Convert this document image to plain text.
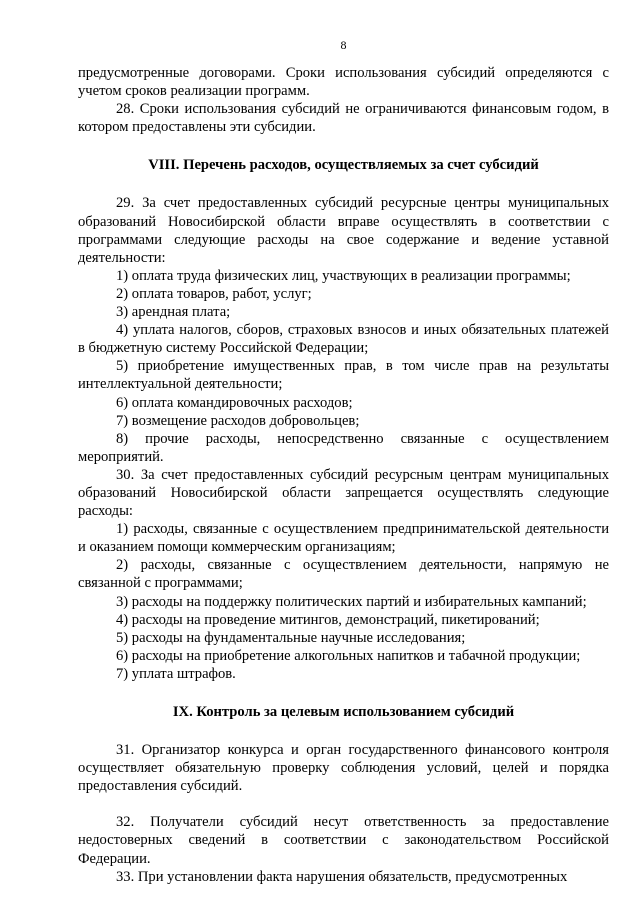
8

предусмотренные договорами. Сроки использования субсидий определяются с учетом сроков реализации программ.

28. Сроки использования субсидий не ограничиваются финансовым годом, в котором предоставлены эти субсидии.

VIII. Перечень расходов, осуществляемых за счет субсидий

29. За счет предоставленных субсидий ресурсные центры муниципальных образований Новосибирской области вправе осуществлять в соответствии с программами следующие расходы на свое содержание и ведение уставной деятельности:

1) оплата труда физических лиц, участвующих в реализации программы;

2) оплата товаров, работ, услуг;

3) арендная плата;

4) уплата налогов, сборов, страховых взносов и иных обязательных платежей в бюджетную систему Российской Федерации;

5) приобретение имущественных прав, в том числе прав на результаты интеллектуальной деятельности;

6) оплата командировочных расходов;

7) возмещение расходов добровольцев;

8) прочие расходы, непосредственно связанные с осуществлением мероприятий.

30. За счет предоставленных субсидий ресурсным центрам муниципальных образований Новосибирской области запрещается осуществлять следующие расходы:

1) расходы, связанные с осуществлением предпринимательской деятельности и оказанием помощи коммерческим организациям;

2) расходы, связанные с осуществлением деятельности, напрямую не связанной с программами;

3) расходы на поддержку политических партий и избирательных кампаний;

4) расходы на проведение митингов, демонстраций, пикетирований;

5) расходы на фундаментальные научные исследования;

6) расходы на приобретение алкогольных напитков и табачной продукции;

7) уплата штрафов.

IX. Контроль за целевым использованием субсидий

31. Организатор конкурса и орган государственного финансового контроля осуществляет обязательную проверку соблюдения условий, целей и порядка предоставления субсидий.

32. Получатели субсидий несут ответственность за предоставление недостоверных сведений в соответствии с законодательством Российской Федерации.

33. При установлении факта нарушения обязательств, предусмотренных
